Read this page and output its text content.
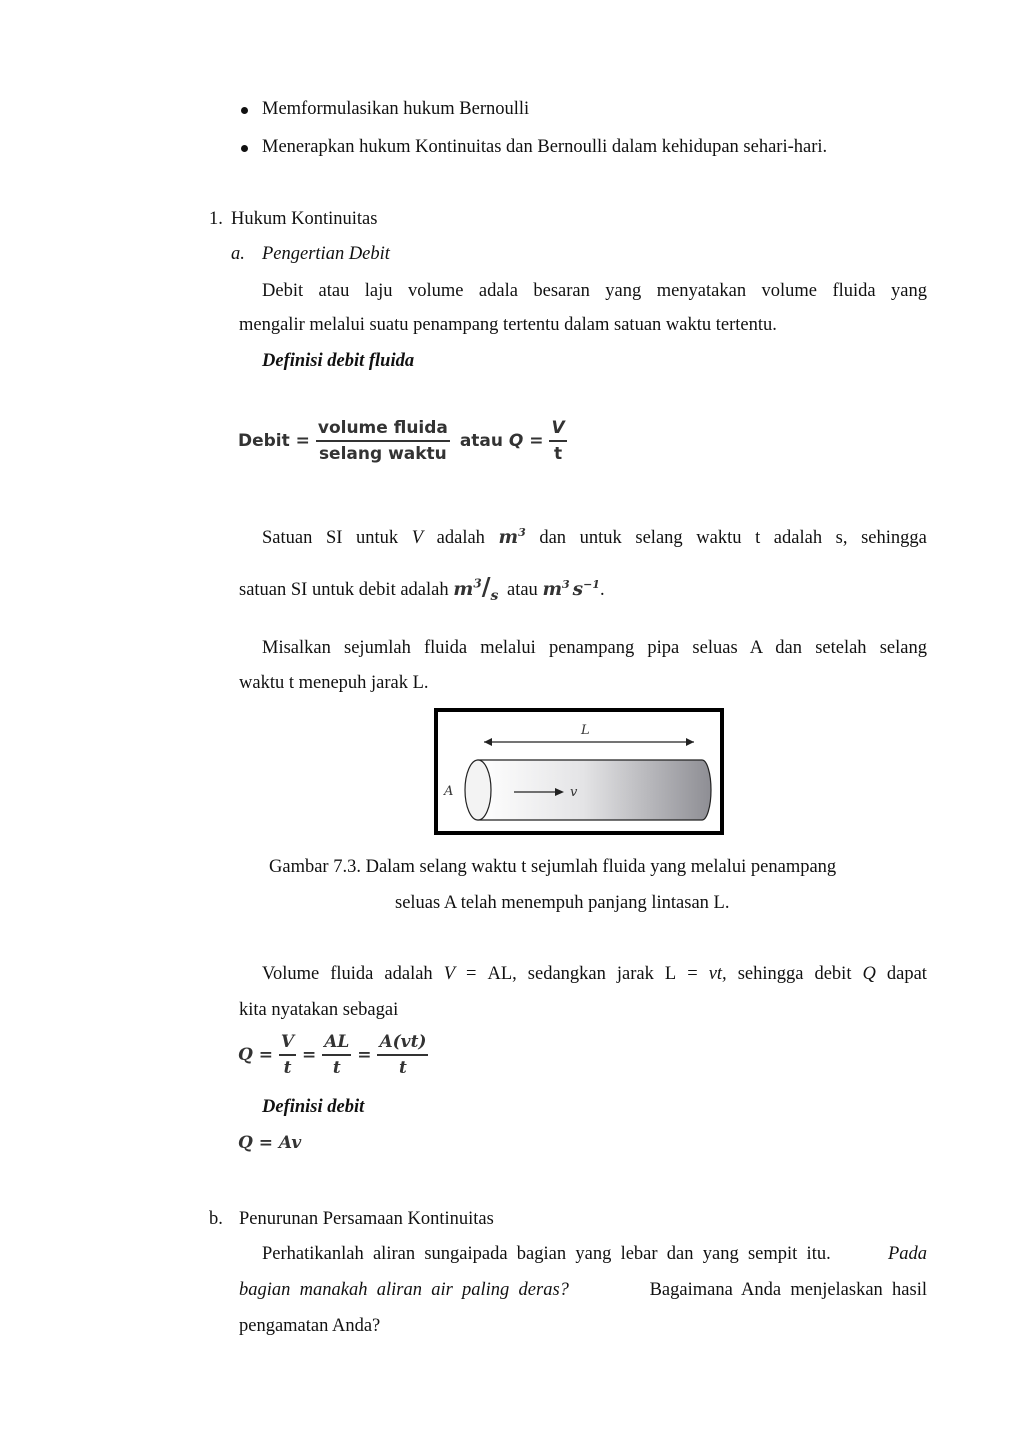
Memformulasikan hukum Bernoulli
Menerapkan hukum Kontinuitas dan Bernoulli dalam kehidupan sehari-hari.
1. Hukum Kontinuitas
a. Pengertian Debit
Debit atau laju volume adala besaran yang menyatakan volume fluida yang
mengalir melalui suatu penampang tertentu dalam satuan waktu tertentu.
Definisi debit fluida
Debit = $\frac{\text{volume fluida}}{\text{selang waktu}}$ atau $Q = \frac{V}{t}$
Satuan SI untuk V adalah $m^3$ dan untuk selang waktu t adalah s, sehingga
satuan SI untuk debit adalah $m^3/_s$ atau $m^3$ $s^{-1}$.
Misalkan sejumlah fluida melalui penampang pipa seluas A dan setelah selang
waktu t menepuh jarak L.
L
A	v
Gambar 7.3. Dalam selang waktu t sejumlah fluida yang melalui penampang
seluas A telah menempuh panjang lintasan L.
Volume fluida adalah V = AL, sedangkan jarak L = vt, sehingga debit Q dapat
kita nyatakan sebagai
$Q = \frac{V}{t} = \frac{AL}{t} = \frac{A(vt)}{t}$
Definisi debit
Q = Av
b. Penurunan Persamaan Kontinuitas
Perhatikanlah  aliran  sungaipada  bagian  yang  lebar  dan  yang  sempit  itu.	Pada
bagian  manakah  aliran  air  paling  deras?	Bagaimana  Anda  menjelaskan  hasil
pengamatan Anda?
